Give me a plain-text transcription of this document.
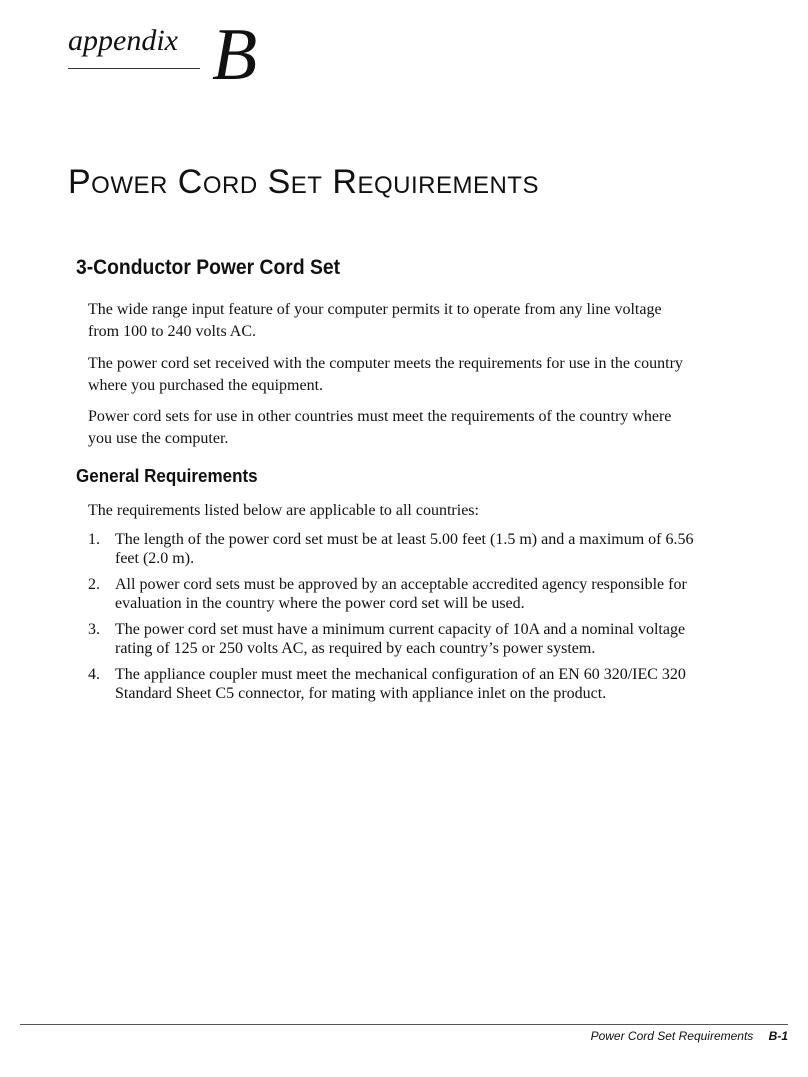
appendix B
Power Cord Set Requirements
3-Conductor Power Cord Set

The wide range input feature of your computer permits it to operate from any line voltage from 100 to 240 volts AC.

The power cord set received with the computer meets the requirements for use in the country where you purchased the equipment.

Power cord sets for use in other countries must meet the requirements of the country where you use the computer.

General Requirements

The requirements listed below are applicable to all countries:

1. The length of the power cord set must be at least 5.00 feet (1.5 m) and a maximum of 6.56 feet (2.0 m).
2. All power cord sets must be approved by an acceptable accredited agency responsible for evaluation in the country where the power cord set will be used.
3. The power cord set must have a minimum current capacity of 10A and a nominal voltage rating of 125 or 250 volts AC, as required by each country’s power system.
4. The appliance coupler must meet the mechanical configuration of an EN 60 320/IEC 320 Standard Sheet C5 connector, for mating with appliance inlet on the product.
Power Cord Set Requirements B-1
